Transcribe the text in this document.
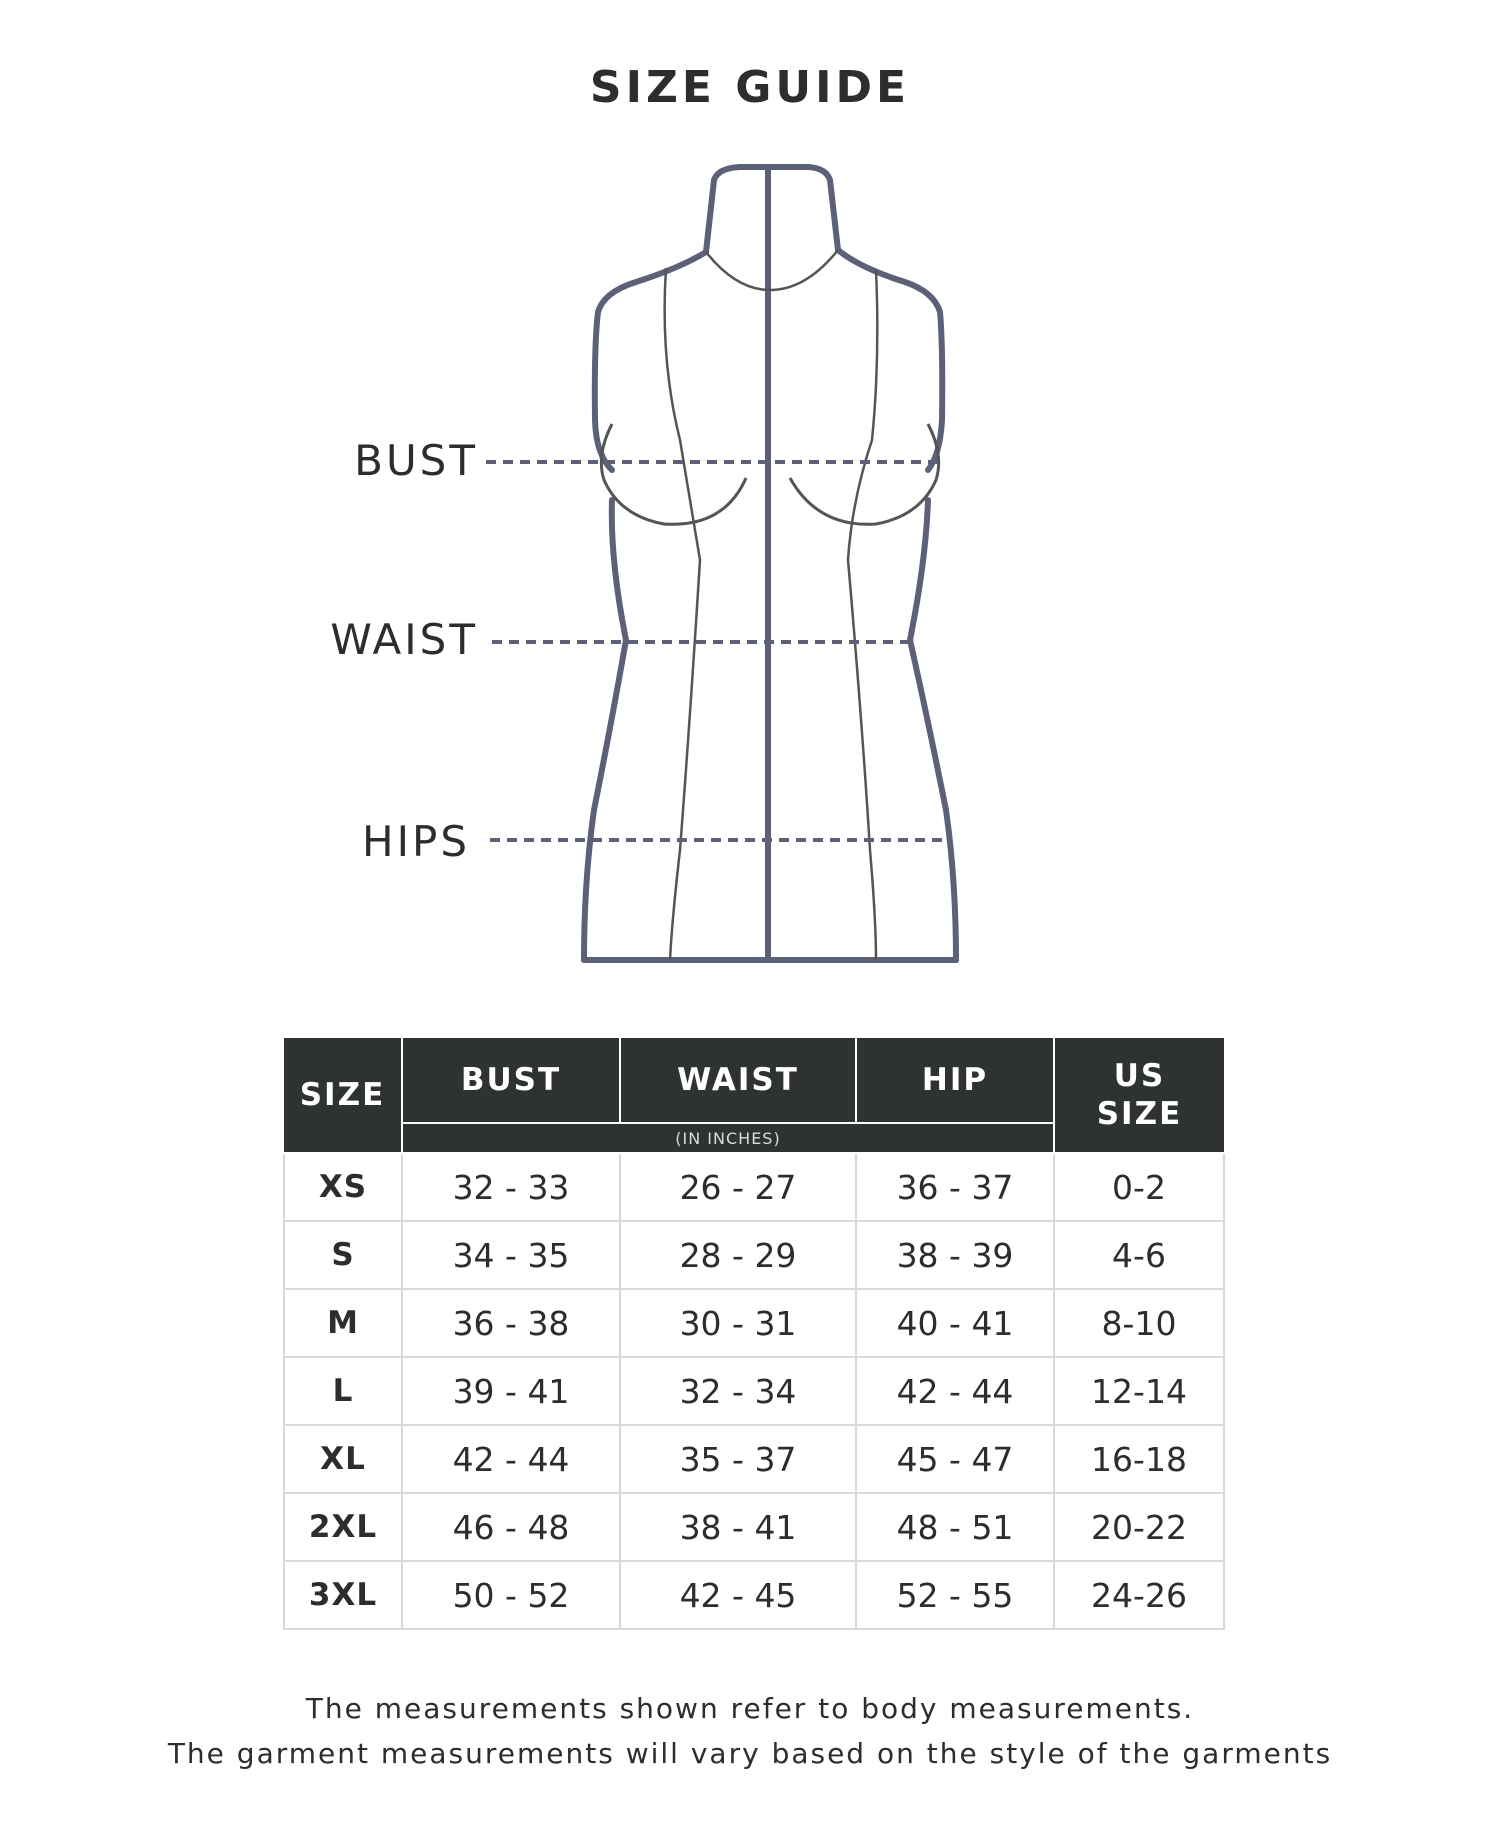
SIZE GUIDE
BUST
WAIST
HIPS
SIZE	BUST	WAIST	HIP	US
SIZE
	(IN INCHES)			
XS	32 - 33	26 - 27	36 - 37	0-2
S	34 - 35	28 - 29	38 - 39	4-6
M	36 - 38	30 - 31	40 - 41	8-10
L	39 - 41	32 - 34	42 - 44	12-14
XL	42 - 44	35 - 37	45 - 47	16-18
2XL	46 - 48	38 - 41	48 - 51	20-22
3XL	50 - 52	42 - 45	52 - 55	24-26
The measurements shown refer to body measurements.
The garment measurements will vary based on the style of the garments
